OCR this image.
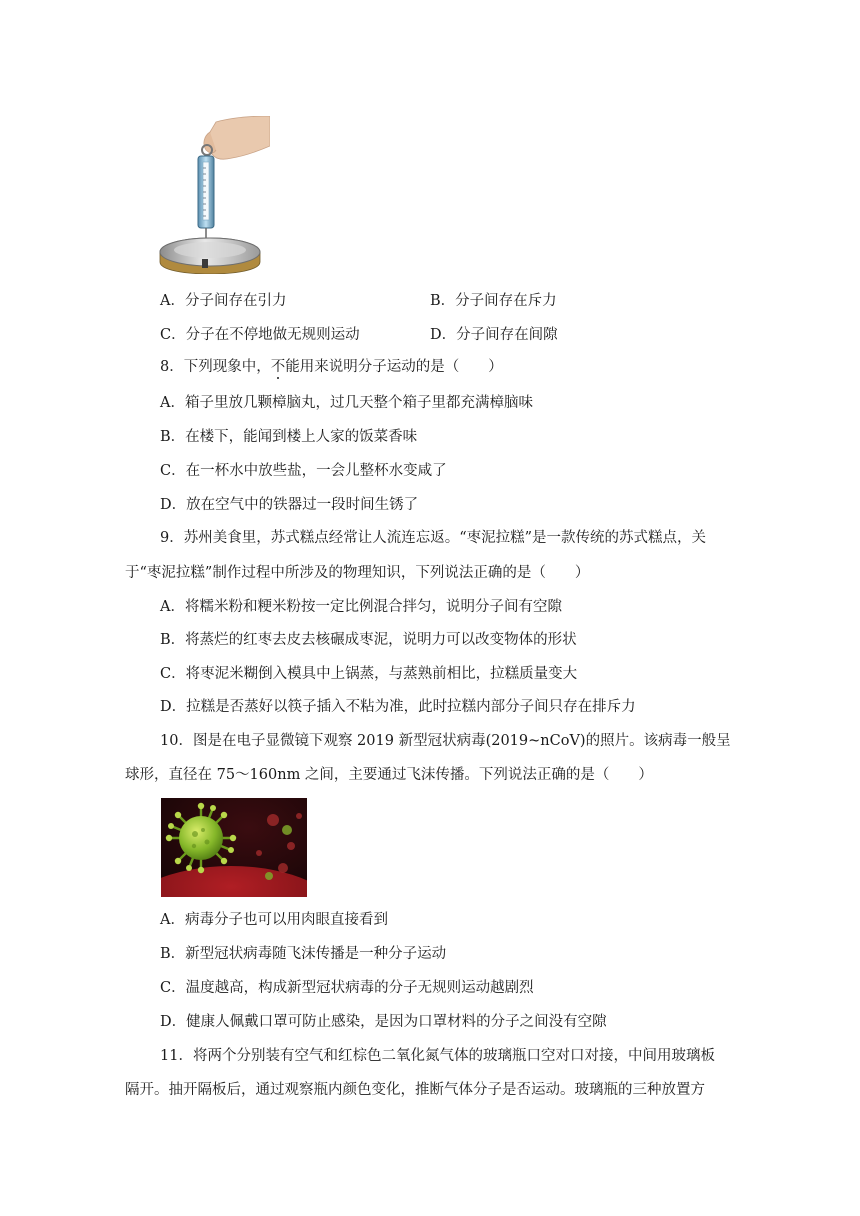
A．分子间存在引力	B．分子间存在斥力
C．分子在不停地做无规则运动	D．分子间存在间隙
8．下列现象中，不能用来说明分子运动的是（　　）
A．箱子里放几颗樟脑丸，过几天整个箱子里都充满樟脑味
B．在楼下，能闻到楼上人家的饭菜香味
C．在一杯水中放些盐，一会儿整杯水变咸了
D．放在空气中的铁器过一段时间生锈了
9．苏州美食里，苏式糕点经常让人流连忘返。“枣泥拉糕”是一款传统的苏式糕点，关
于“枣泥拉糕”制作过程中所涉及的物理知识，下列说法正确的是（　　）
A．将糯米粉和粳米粉按一定比例混合拌匀，说明分子间有空隙
B．将蒸烂的红枣去皮去核碾成枣泥，说明力可以改变物体的形状
C．将枣泥米糊倒入模具中上锅蒸，与蒸熟前相比，拉糕质量变大
D．拉糕是否蒸好以筷子插入不粘为准，此时拉糕内部分子间只存在排斥力
10．图是在电子显微镜下观察 2019 新型冠状病毒(2019~nCoV)的照片。该病毒一般呈
球形，直径在 75～160nm 之间，主要通过飞沫传播。下列说法正确的是（　　）
A．病毒分子也可以用肉眼直接看到
B．新型冠状病毒随飞沫传播是一种分子运动
C．温度越高，构成新型冠状病毒的分子无规则运动越剧烈
D．健康人佩戴口罩可防止感染，是因为口罩材料的分子之间没有空隙
11．将两个分别装有空气和红棕色二氧化氮气体的玻璃瓶口空对口对接，中间用玻璃板
隔开。抽开隔板后，通过观察瓶内颜色变化，推断气体分子是否运动。玻璃瓶的三种放置方
